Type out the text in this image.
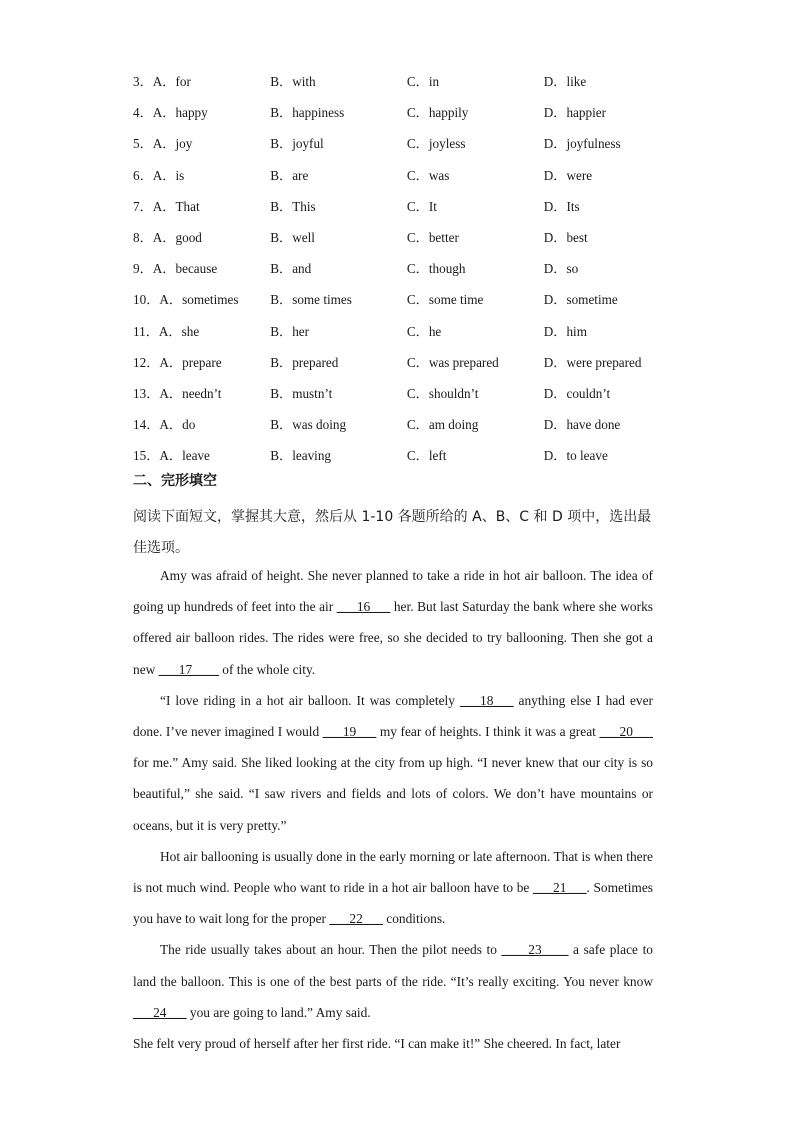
3．A．for	B．with	C．in	D．like
4．A．happy	B．happiness	C．happily	D．happier
5．A．joy	B．joyful	C．joyless	D．joyfulness
6．A．is	B．are	C．was	D．were
7．A．That	B．This	C．It	D．Its
8．A．good	B．well	C．better	D．best
9．A．because	B．and	C．though	D．so
10．A．sometimes	B．some times	C．some time	D．sometime
11．A．she	B．her	C．he	D．him
12．A．prepare	B．prepared	C．was prepared	D．were prepared
13．A．needn’t	B．mustn’t	C．shouldn’t	D．couldn’t
14．A．do	B．was doing	C．am doing	D．have done
15．A．leave	B．leaving	C．left	D．to leave
二、完形填空
阅读下面短文，掌握其大意，然后从 1-10 各题所给的 A、B、C 和 D 项中，选出最佳选项。

Amy was afraid of height. She never planned to take a ride in hot air balloon. The idea of going up hundreds of feet into the air ___16___ her. But last Saturday the bank where she works offered air balloon rides. The rides were free, so she decided to try ballooning. Then she got a new ___17____ of the whole city.

“I love riding in a hot air balloon. It was completely ___18___ anything else I had ever done. I’ve never imagined I would ___19___ my fear of heights. I think it was a great ___20___ for me.” Amy said. She liked looking at the city from up high. “I never knew that our city is so beautiful,” she said. “I saw rivers and fields and lots of colors. We don’t have mountains or oceans, but it is very pretty.”

Hot air ballooning is usually done in the early morning or late afternoon. That is when there is not much wind. People who want to ride in a hot air balloon have to be ___21___. Sometimes you have to wait long for the proper ___22___ conditions.

The ride usually takes about an hour. Then the pilot needs to ____23____ a safe place to land the balloon. This is one of the best parts of the ride. “It’s really exciting. You never know ___24___ you are going to land.” Amy said.

She felt very proud of herself after her first ride. “I can make it!” She cheered. In fact, later
